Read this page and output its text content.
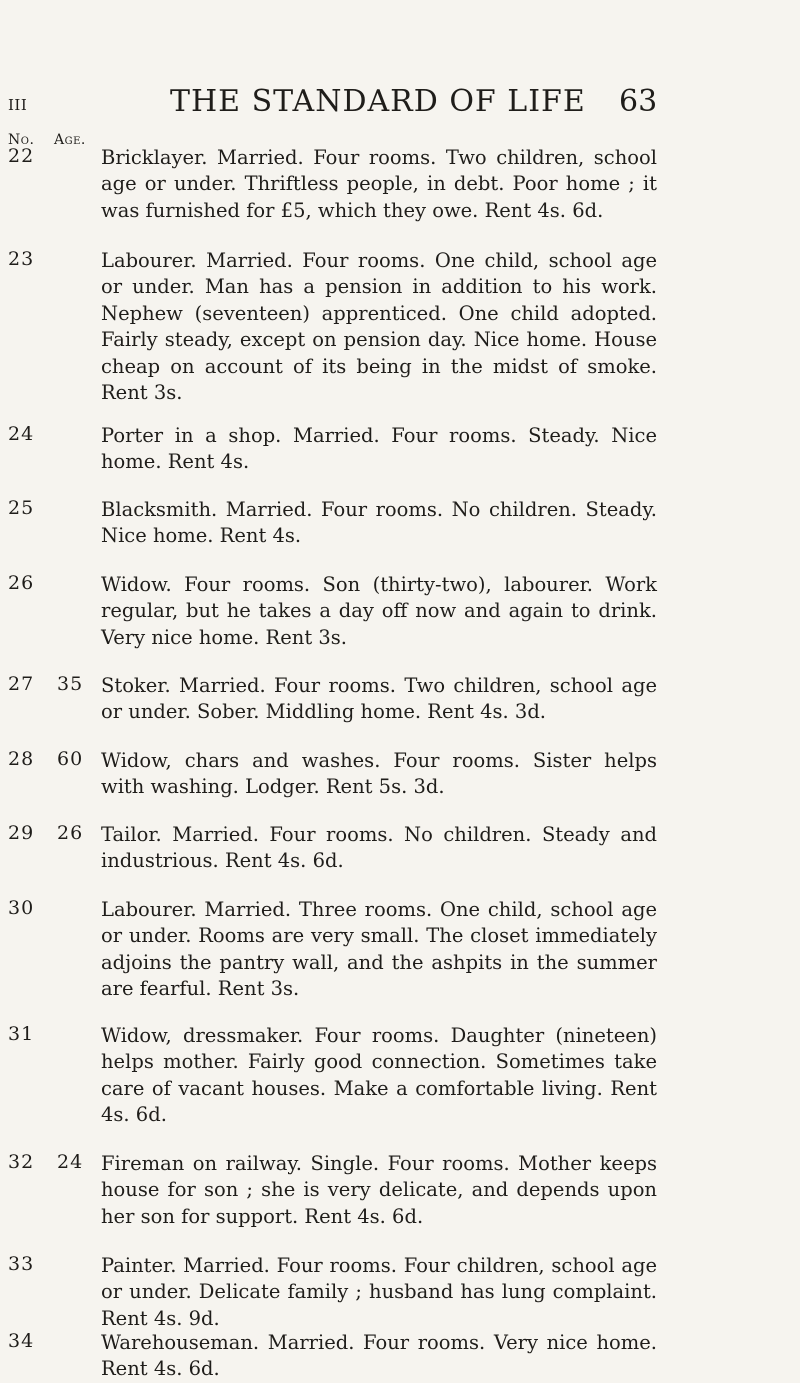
III	THE STANDARD OF LIFE 63
No. Age.
22	Bricklayer. Married. Four rooms. Two children, school age or under. Thriftless people, in debt. Poor home ; it was furnished for £5, which they owe. Rent 4s. 6d.
23	Labourer. Married. Four rooms. One child, school age or under. Man has a pension in addition to his work. Nephew (seventeen) apprenticed. One child adopted. Fairly steady, except on pension day. Nice home. House cheap on account of its being in the midst of smoke. Rent 3s.
24	Porter in a shop. Married. Four rooms. Steady. Nice home. Rent 4s.
25	Blacksmith. Married. Four rooms. No children. Steady. Nice home. Rent 4s.
26	Widow. Four rooms. Son (thirty-two), labourer. Work regular, but he takes a day off now and again to drink. Very nice home. Rent 3s.
27 35 Stoker. Married. Four rooms. Two children, school age or under. Sober. Middling home. Rent 4s. 3d.
28 60 Widow, chars and washes. Four rooms. Sister helps with washing. Lodger. Rent 5s. 3d.
29 26 Tailor. Married. Four rooms. No children. Steady and industrious. Rent 4s. 6d.
30	Labourer. Married. Three rooms. One child, school age or under. Rooms are very small. The closet immediately adjoins the pantry wall, and the ashpits in the summer are fearful. Rent 3s.
31	Widow, dressmaker. Four rooms. Daughter (nineteen) helps mother. Fairly good connection. Sometimes take care of vacant houses. Make a comfortable living. Rent 4s. 6d.
32 24 Fireman on railway. Single. Four rooms. Mother keeps house for son ; she is very delicate, and depends upon her son for support. Rent 4s. 6d.
33	Painter. Married. Four rooms. Four children, school age or under. Delicate family ; husband has lung complaint. Rent 4s. 9d.
34	Warehouseman. Married. Four rooms. Very nice home. Rent 4s. 6d.
